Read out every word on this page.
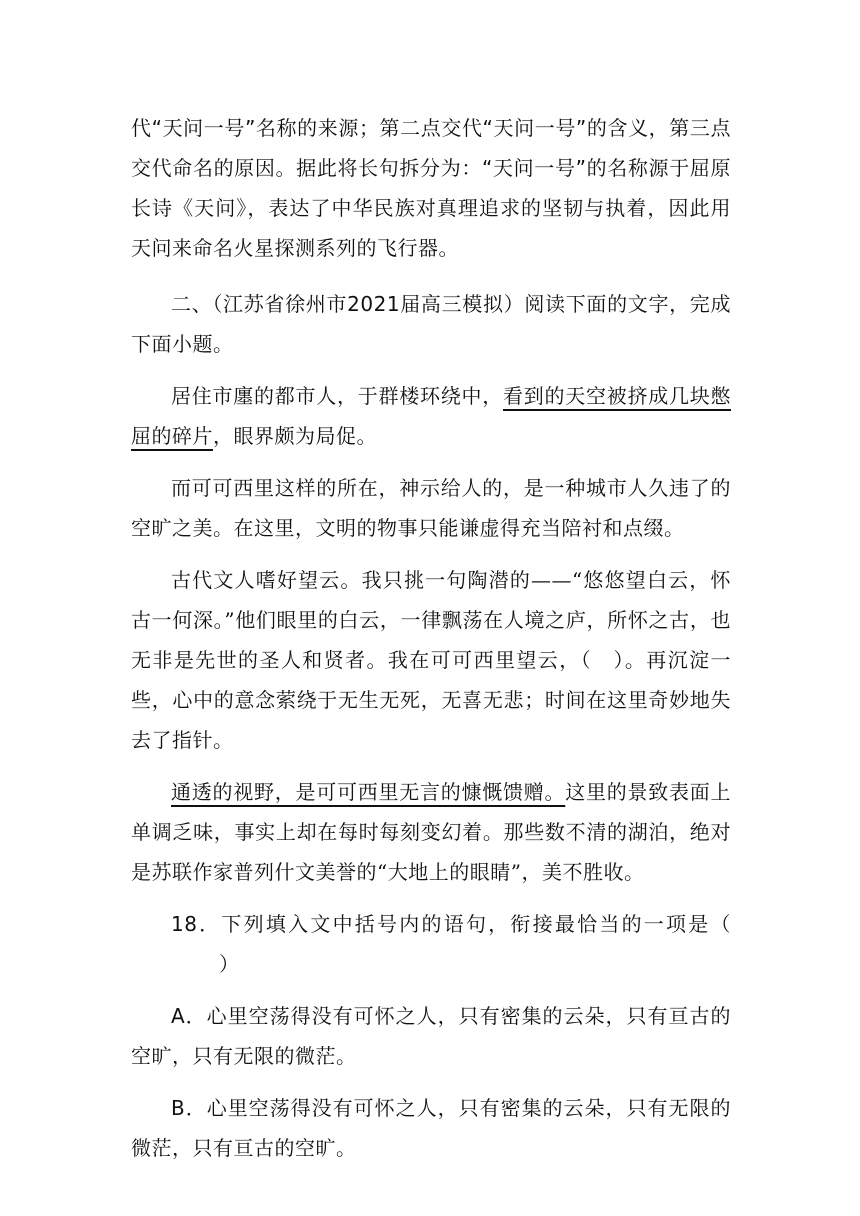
代“天问一号”名称的来源；第二点交代“天问一号”的含义，第三点交代命名的原因。据此将长句拆分为：“天问一号”的名称源于屈原长诗《天问》，表达了中华民族对真理追求的坚韧与执着，因此用天问来命名火星探测系列的飞行器。

二、（江苏省徐州市2021届高三模拟）阅读下面的文字，完成下面小题。

居住市廛的都市人，于群楼环绕中，看到的天空被挤成几块憋屈的碎片，眼界颇为局促。

而可可西里这样的所在，神示给人的，是一种城市人久违了的空旷之美。在这里，文明的物事只能谦虚得充当陪衬和点缀。

古代文人嗜好望云。我只挑一句陶潜的——“悠悠望白云，怀古一何深。”他们眼里的白云，一律飘荡在人境之庐，所怀之古，也无非是先世的圣人和贤者。我在可可西里望云，（　）。再沉淀一些，心中的意念萦绕于无生无死，无喜无悲；时间在这里奇妙地失去了指针。

通透的视野，是可可西里无言的慷慨馈赠。这里的景致表面上单调乏味，事实上却在每时每刻变幻着。那些数不清的湖泊，绝对是苏联作家普列什文美誉的“大地上的眼睛”，美不胜收。

18．下列填入文中括号内的语句，衔接最恰当的一项是（）

A．心里空荡得没有可怀之人，只有密集的云朵，只有亘古的空旷，只有无限的微茫。

B．心里空荡得没有可怀之人，只有密集的云朵，只有无限的微茫，只有亘古的空旷。
